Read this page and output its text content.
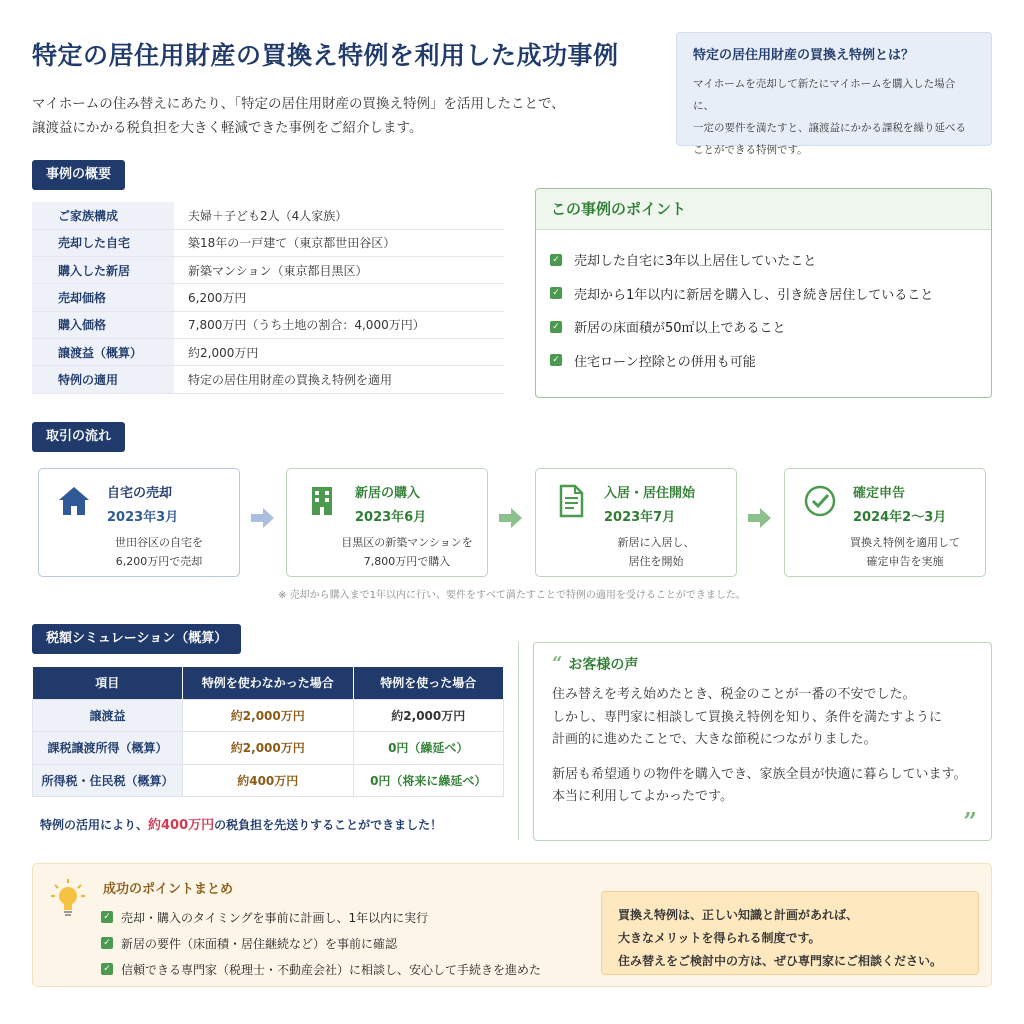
特定の居住用財産の買換え特例を利用した成功事例
マイホームの住み替えにあたり、「特定の居住用財産の買換え特例」を活用したことで、
譲渡益にかかる税負担を大きく軽減できた事例をご紹介します。
特定の居住用財産の買換え特例とは？
マイホームを売却して新たにマイホームを購入した場合に、
一定の要件を満たすと、譲渡益にかかる課税を繰り延べる
ことができる特例です。
事例の概要
ご家族構成	夫婦＋子ども2人（4人家族）
売却した自宅	築18年の一戸建て（東京都世田谷区）
購入した新居	新築マンション（東京都目黒区）
売却価格	6,200万円
購入価格	7,800万円（うち土地の割合：4,000万円）
譲渡益（概算）	約2,000万円
特例の適用	特定の居住用財産の買換え特例を適用
この事例のポイント
✓ 売却した自宅に3年以上居住していたこと
✓ 売却から1年以内に新居を購入し、引き続き居住していること
✓ 新居の床面積が50㎡以上であること
✓ 住宅ローン控除との併用も可能
取引の流れ
自宅の売却
2023年3月
世田谷区の自宅を
6,200万円で売却
新居の購入
2023年6月
目黒区の新築マンションを
7,800万円で購入
入居・居住開始
2023年7月
新居に入居し、
居住を開始
確定申告
2024年2〜3月
買換え特例を適用して
確定申告を実施
※ 売却から購入まで1年以内に行い、要件をすべて満たすことで特例の適用を受けることができました。
税額シミュレーション（概算）
項目	特例を使わなかった場合	特例を使った場合
譲渡益	約2,000万円	約2,000万円
課税譲渡所得（概算）	約2,000万円	0円（繰延べ）
所得税・住民税（概算）	約400万円	0円（将来に繰延べ）
特例の活用により、約400万円の税負担を先送りすることができました！
“ お客様の声

住み替えを考え始めたとき、税金のことが一番の不安でした。
しかし、専門家に相談して買換え特例を知り、条件を満たすように
計画的に進めたことで、大きな節税につながりました。

新居も希望通りの物件を購入でき、家族全員が快適に暮らしています。
本当に利用してよかったです。

”
成功のポイントまとめ
✓ 売却・購入のタイミングを事前に計画し、1年以内に実行
✓ 新居の要件（床面積・居住継続など）を事前に確認
✓ 信頼できる専門家（税理士・不動産会社）に相談し、安心して手続きを進めた
買換え特例は、正しい知識と計画があれば、
大きなメリットを得られる制度です。
住み替えをご検討中の方は、ぜひ専門家にご相談ください。
